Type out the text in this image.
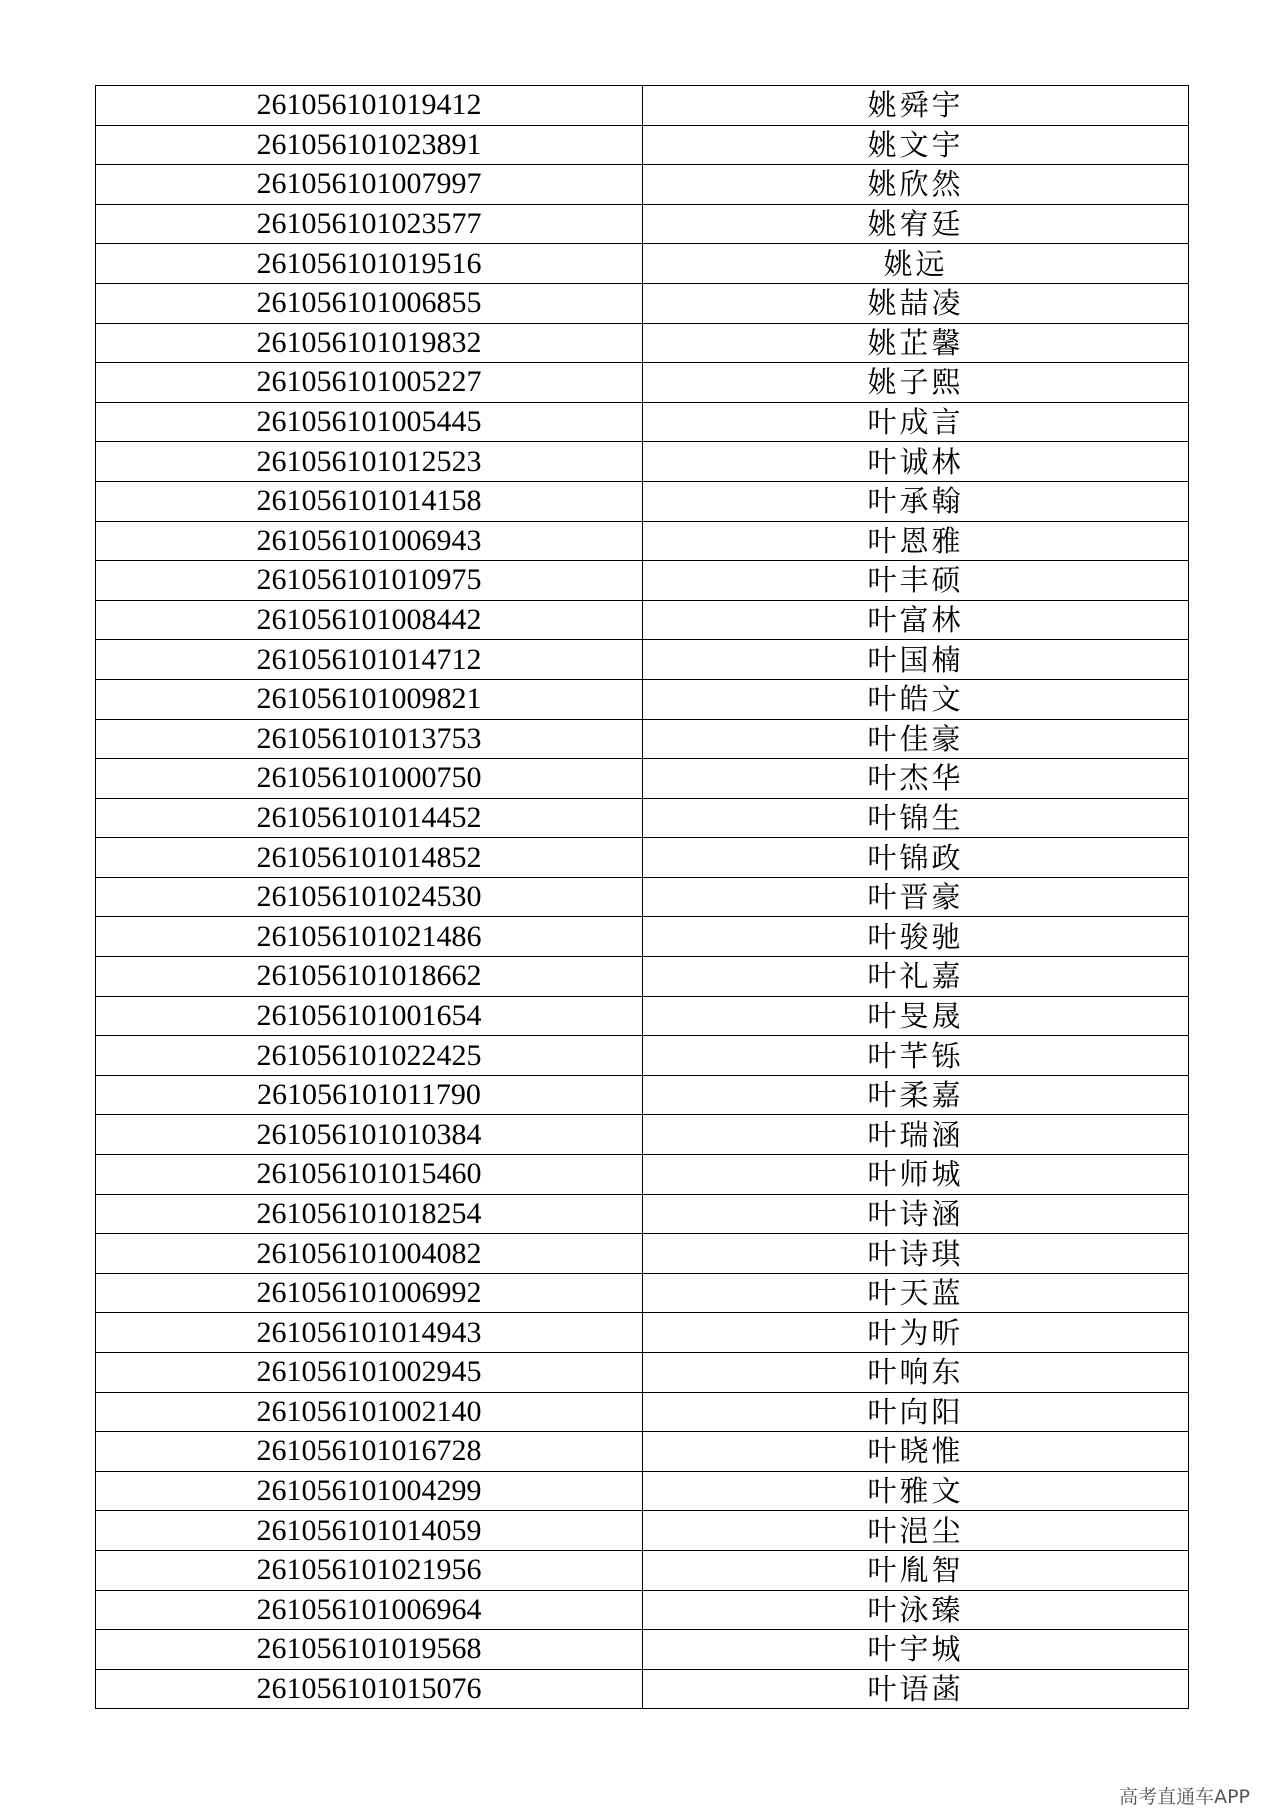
261056101019412	姚舜宇
261056101023891	姚文宇
261056101007997	姚欣然
261056101023577	姚宥廷
261056101019516	姚远
261056101006855	姚喆凌
261056101019832	姚芷馨
261056101005227	姚子熙
261056101005445	叶成言
261056101012523	叶诚林
261056101014158	叶承翰
261056101006943	叶恩雅
261056101010975	叶丰硕
261056101008442	叶富林
261056101014712	叶国楠
261056101009821	叶皓文
261056101013753	叶佳豪
261056101000750	叶杰华
261056101014452	叶锦生
261056101014852	叶锦政
261056101024530	叶晋豪
261056101021486	叶骏驰
261056101018662	叶礼嘉
261056101001654	叶旻晟
261056101022425	叶芊铄
261056101011790	叶柔嘉
261056101010384	叶瑞涵
261056101015460	叶师城
261056101018254	叶诗涵
261056101004082	叶诗琪
261056101006992	叶天蓝
261056101014943	叶为昕
261056101002945	叶响东
261056101002140	叶向阳
261056101016728	叶晓惟
261056101004299	叶雅文
261056101014059	叶浥尘
261056101021956	叶胤智
261056101006964	叶泳臻
261056101019568	叶宇城
261056101015076	叶语菡
高考直通车APP
